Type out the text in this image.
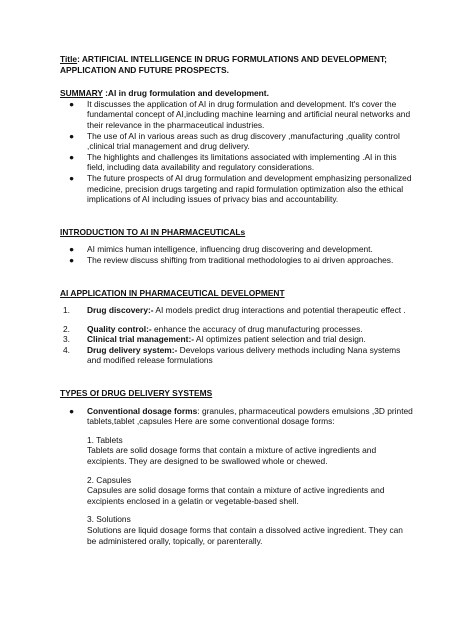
Title: ARTIFICIAL INTELLIGENCE IN DRUG FORMULATIONS AND DEVELOPMENT; APPLICATION AND FUTURE PROSPECTS.

SUMMARY :AI in drug formulation and development.

● It discusses the application of AI in drug formulation and development. It's cover the fundamental concept of AI,including machine learning and artificial neural networks and their relevance in the pharmaceutical industries.
● The use of AI in various areas such as drug discovery ,manufacturing ,quality control ,clinical trial management and drug delivery.
● The highlights and challenges its limitations associated with implementing .AI in this field, including data availability and regulatory considerations.
● The future prospects of AI drug formulation and development emphasizing personalized medicine, precision drugs targeting and rapid formulation optimization also the ethical implications of AI including issues of privacy bias and accountability.

INTRODUCTION TO AI IN PHARMACEUTICALs

● AI mimics human intelligence, influencing drug discovering and development.
● The review discuss shifting from traditional methodologies to ai driven approaches.

AI APPLICATION IN PHARMACEUTICAL DEVELOPMENT

1. Drug discovery:- AI models predict drug interactions and potential therapeutic effect .
2. Quality control:- enhance the accuracy of drug manufacturing processes.
3. Clinical trial management:- AI optimizes patient selection and trial design.
4. Drug delivery system:- Develops various delivery methods including Nana systems and modified release formulations

TYPES Of DRUG DELIVERY SYSTEMS

● Conventional dosage forms: granules, pharmaceutical powders emulsions ,3D printed tablets,tablet ,capsules Here are some conventional dosage forms:

1. Tablets

Tablets are solid dosage forms that contain a mixture of active ingredients and excipients. They are designed to be swallowed whole or chewed.

2. Capsules

Capsules are solid dosage forms that contain a mixture of active ingredients and excipients enclosed in a gelatin or vegetable-based shell.

3. Solutions

Solutions are liquid dosage forms that contain a dissolved active ingredient. They can be administered orally, topically, or parenterally.
